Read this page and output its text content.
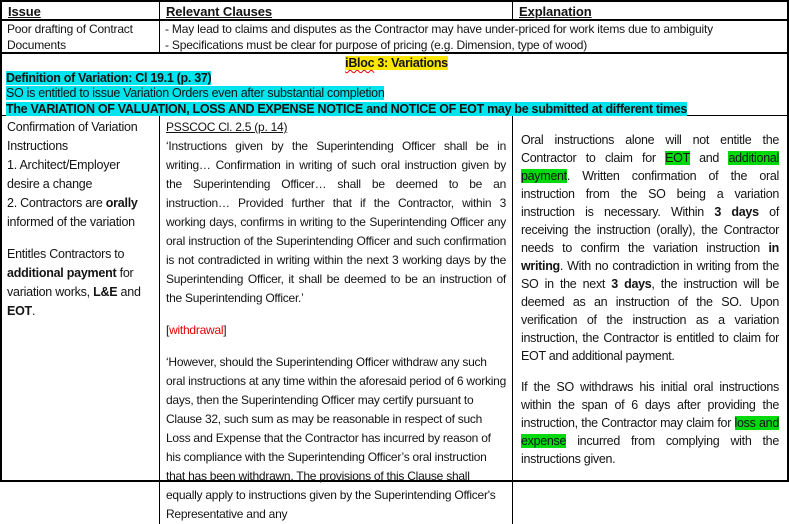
Issue	Relevant Clauses	Explanation
Poor drafting of Contract Documents
- May lead to claims and disputes as the Contractor may have under-priced for work items due to ambiguity
- Specifications must be clear for purpose of pricing (e.g. Dimension, type of wood)
iBloc 3: Variations
Definition of Variation: Cl 19.1 (p. 37)
SO is entitled to issue Variation Orders even after substantial completion
The VARIATION OF VALUATION, LOSS AND EXPENSE NOTICE and NOTICE OF EOT may be submitted at different times
Confirmation of Variation Instructions
1. Architect/Employer desire a change
2. Contractors are orally informed of the variation

Entitles Contractors to additional payment for variation works, L&E and EOT.
PSSCOC Cl. 2.5 (p. 14)
‘Instructions given by the Superintending Officer shall be in writing… Confirmation in writing of such oral instruction given by the Superintending Officer… shall be deemed to be an instruction… Provided further that if the Contractor, within 3 working days, confirms in writing to the Superintending Officer any oral instruction of the Superintending Officer and such confirmation is not contradicted in writing within the next 3 working days by the Superintending Officer, it shall be deemed to be an instruction of the Superintending Officer.’

[withdrawal]

‘However, should the Superintending Officer withdraw any such oral instructions at any time within the aforesaid period of 6 working days, then the Superintending Officer may certify pursuant to Clause 32, such sum as may be reasonable in respect of such Loss and Expense that the Contractor has incurred by reason of his compliance with the Superintending Officer’s oral instruction that has been withdrawn. The provisions of this Clause shall equally apply to instructions given by the Superintending Officer's Representative and any

Oral instructions alone will not entitle the Contractor to claim for EOT and additional payment. Written confirmation of the oral instruction from the SO being a variation instruction is necessary. Within 3 days of receiving the instruction (orally), the Contractor needs to confirm the variation instruction in writing. With no contradiction in writing from the SO in the next 3 days, the instruction will be deemed as an instruction of the SO. Upon verification of the instruction as a variation instruction, the Contractor is entitled to claim for EOT and additional payment.

If the SO withdraws his initial oral instructions within the span of 6 days after providing the instruction, the Contractor may claim for loss and expense incurred from complying with the instructions given.
